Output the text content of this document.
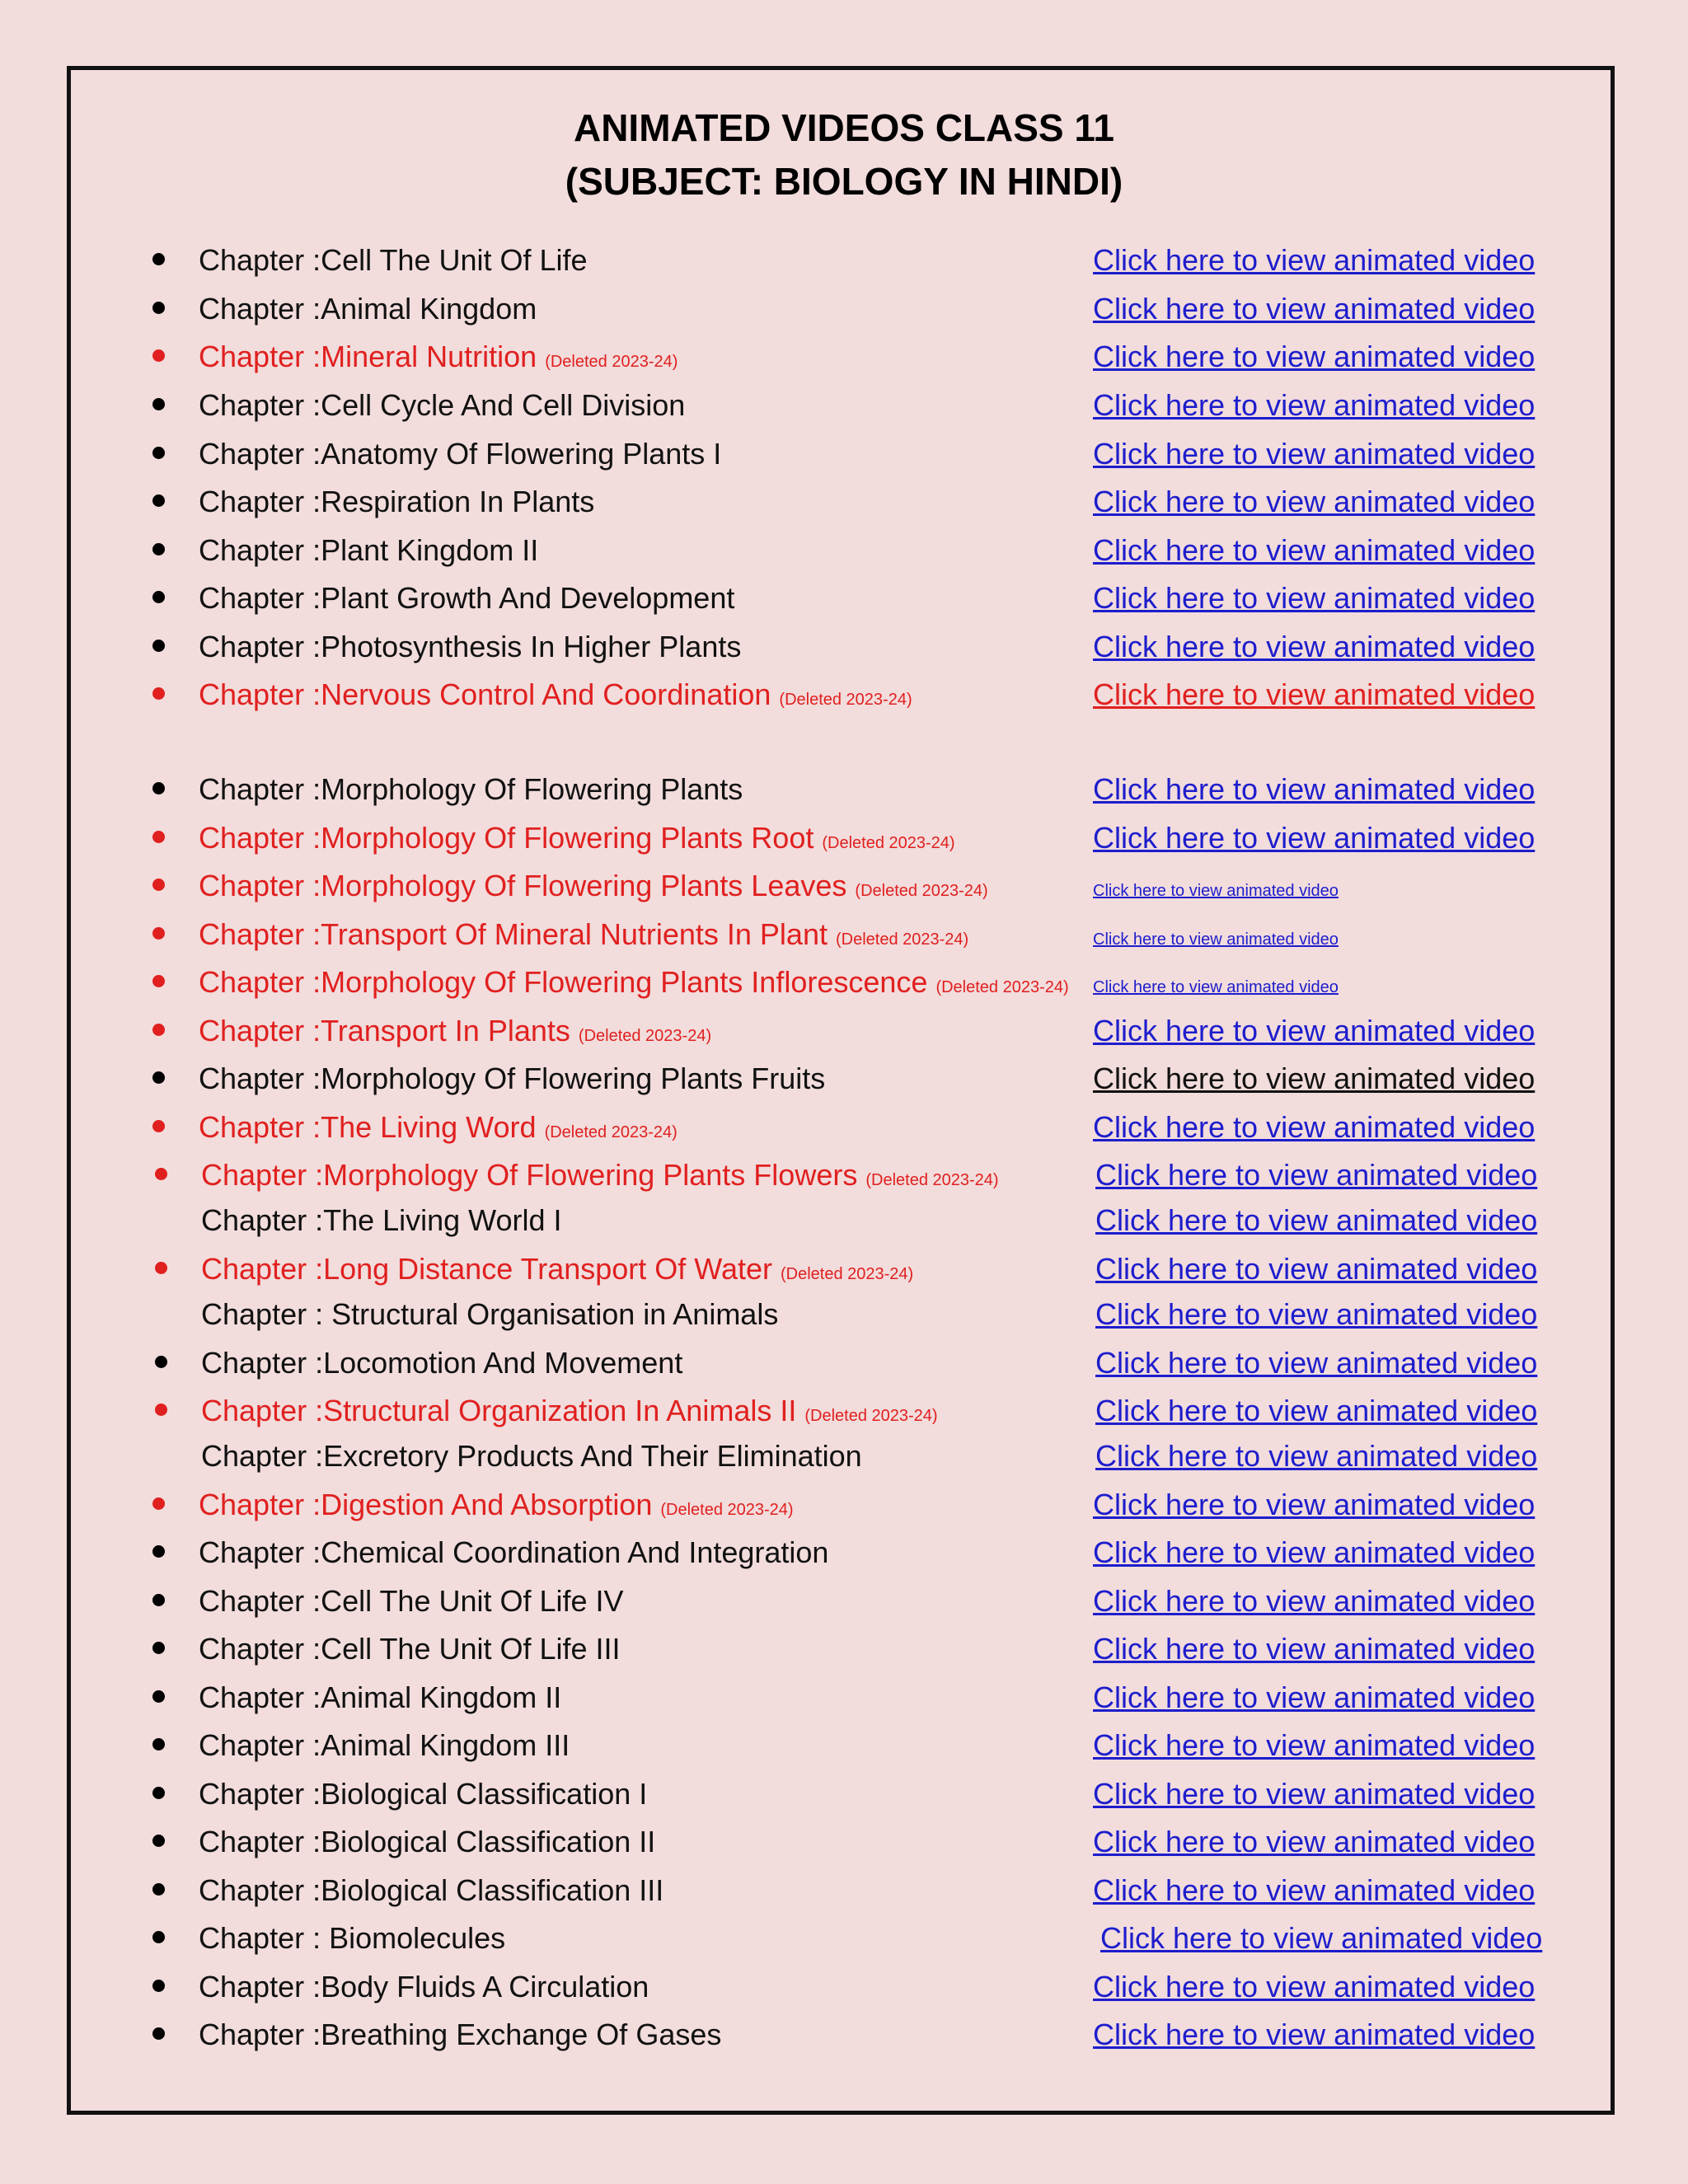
ANIMATED VIDEOS CLASS 11
(SUBJECT: BIOLOGY IN HINDI)
Chapter :Cell The Unit Of Life	Click here to view animated video
Chapter :Animal Kingdom	Click here to view animated video
Chapter :Mineral Nutrition (Deleted 2023-24)	Click here to view animated video
Chapter :Cell Cycle And Cell Division	Click here to view animated video
Chapter :Anatomy Of Flowering Plants I	Click here to view animated video
Chapter :Respiration In Plants	Click here to view animated video
Chapter :Plant Kingdom II	Click here to view animated video
Chapter :Plant Growth And Development	Click here to view animated video
Chapter :Photosynthesis In Higher Plants	Click here to view animated video
Chapter :Nervous Control And Coordination (Deleted 2023-24)	Click here to view animated video
Chapter :Morphology Of Flowering Plants	Click here to view animated video
Chapter :Morphology Of Flowering Plants Root (Deleted 2023-24)	Click here to view animated video
Chapter :Morphology Of Flowering Plants Leaves (Deleted 2023-24)	Click here to view animated video
Chapter :Transport Of Mineral Nutrients In Plant (Deleted 2023-24)	Click here to view animated video
Chapter :Morphology Of Flowering Plants Inflorescence (Deleted 2023-24) Click here to view animated video
Chapter :Transport In Plants (Deleted 2023-24)	Click here to view animated video
Chapter :Morphology Of Flowering Plants Fruits	Click here to view animated video
Chapter :The Living Word (Deleted 2023-24)	Click here to view animated video
Chapter :Morphology Of Flowering Plants Flowers (Deleted 2023-24)	Click here to view animated video
Chapter :The Living World I	Click here to view animated video
Chapter :Long Distance Transport Of Water (Deleted 2023-24)	Click here to view animated video
Chapter : Structural Organisation in Animals	Click here to view animated video
Chapter :Locomotion And Movement	Click here to view animated video
Chapter :Structural Organization In Animals II (Deleted 2023-24)	Click here to view animated video
Chapter :Excretory Products And Their Elimination	Click here to view animated video
Chapter :Digestion And Absorption (Deleted 2023-24)	Click here to view animated video
Chapter :Chemical Coordination And Integration	Click here to view animated video
Chapter :Cell The Unit Of Life IV	Click here to view animated video
Chapter :Cell The Unit Of Life III	Click here to view animated video
Chapter :Animal Kingdom II	Click here to view animated video
Chapter :Animal Kingdom III	Click here to view animated video
Chapter :Biological Classification I	Click here to view animated video
Chapter :Biological Classification II	Click here to view animated video
Chapter :Biological Classification III	Click here to view animated video
Chapter : Biomolecules	Click here to view animated video
Chapter :Body Fluids A Circulation	Click here to view animated video
Chapter :Breathing Exchange Of Gases	Click here to view animated video
